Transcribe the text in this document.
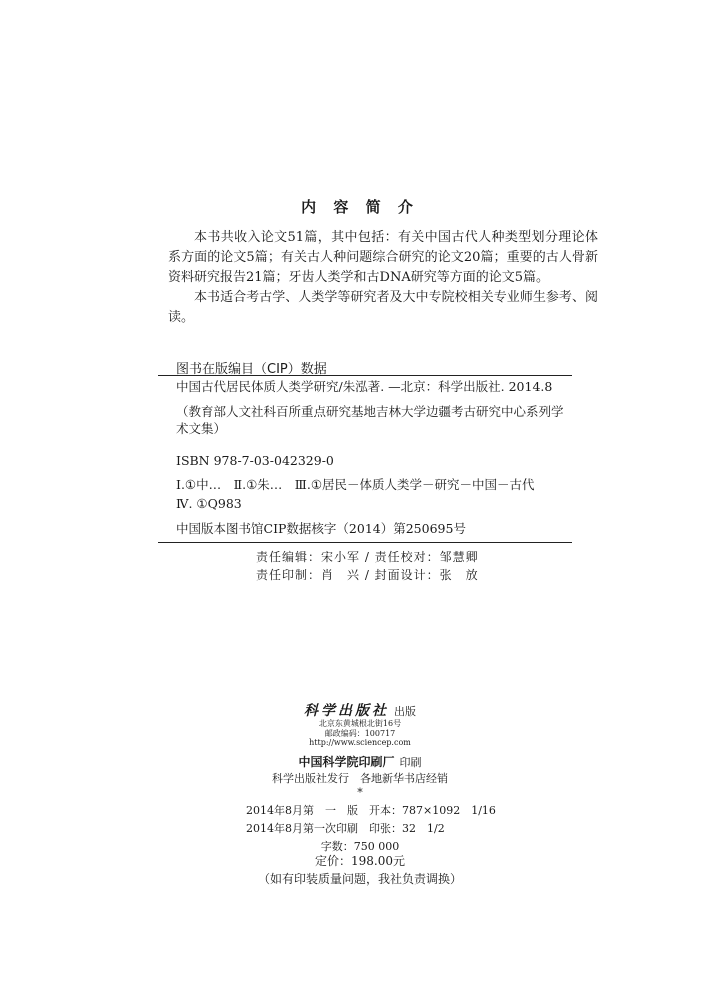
内 容 简 介

本书共收入论文51篇，其中包括：有关中国古代人种类型划分理论体系方面的论文5篇；有关古人种问题综合研究的论文20篇；重要的古人骨新资料研究报告21篇；牙齿人类学和古DNA研究等方面的论文5篇。

本书适合考古学、人类学等研究者及大中专院校相关专业师生参考、阅读。

图书在版编目（CIP）数据
中国古代居民体质人类学研究/朱泓著. —北京：科学出版社. 2014.8
（教育部人文社科百所重点研究基地吉林大学边疆考古研究中心系列学术文集）
ISBN 978-7-03-042329-0
Ⅰ.①中…　Ⅱ.①朱…　Ⅲ.①居民－体质人类学－研究－中国－古代
Ⅳ. ①Q983
中国版本图书馆CIP数据核字（2014）第250695号
责任编辑：宋小军 / 责任校对：邹慧卿
责任印制：肖　兴 / 封面设计：张　放
科学出版社 出版
北京东黄城根北街16号
邮政编码：100717
http://www.sciencep.com
中国科学院印刷厂 印刷
科学出版社发行　各地新华书店经销
*
2014年8月第　一　版　开本：787×1092　1/16
2014年8月第一次印刷　印张：32　1/2
字数：750 000
定价：198.00元
（如有印装质量问题，我社负责调换）
